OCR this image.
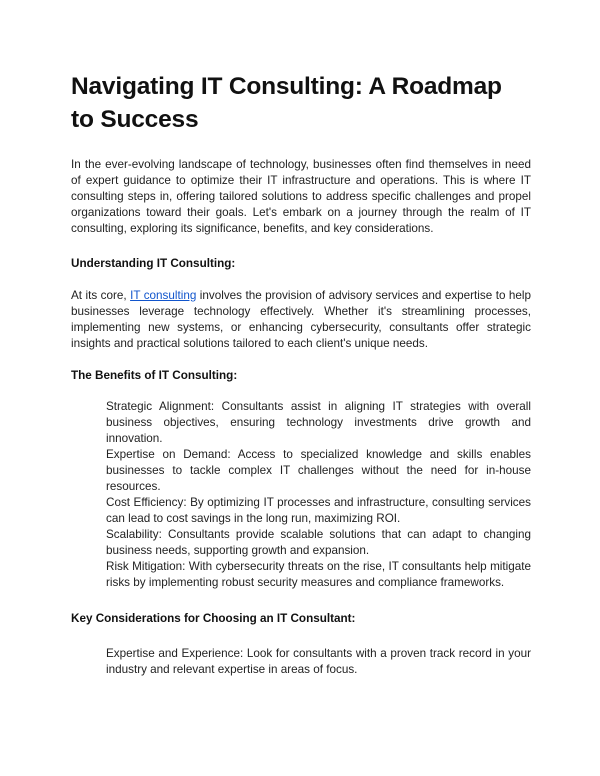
Navigating IT Consulting: A Roadmap to Success

In the ever-evolving landscape of technology, businesses often find themselves in need of expert guidance to optimize their IT infrastructure and operations. This is where IT consulting steps in, offering tailored solutions to address specific challenges and propel organizations toward their goals. Let's embark on a journey through the realm of IT consulting, exploring its significance, benefits, and key considerations.

Understanding IT Consulting:

At its core, IT consulting involves the provision of advisory services and expertise to help businesses leverage technology effectively. Whether it's streamlining processes, implementing new systems, or enhancing cybersecurity, consultants offer strategic insights and practical solutions tailored to each client's unique needs.

The Benefits of IT Consulting:
Strategic Alignment: Consultants assist in aligning IT strategies with overall business objectives, ensuring technology investments drive growth and innovation.
Expertise on Demand: Access to specialized knowledge and skills enables businesses to tackle complex IT challenges without the need for in-house resources.
Cost Efficiency: By optimizing IT processes and infrastructure, consulting services can lead to cost savings in the long run, maximizing ROI.
Scalability: Consultants provide scalable solutions that can adapt to changing business needs, supporting growth and expansion.
Risk Mitigation: With cybersecurity threats on the rise, IT consultants help mitigate risks by implementing robust security measures and compliance frameworks.
Key Considerations for Choosing an IT Consultant:
Expertise and Experience: Look for consultants with a proven track record in your industry and relevant expertise in areas of focus.
